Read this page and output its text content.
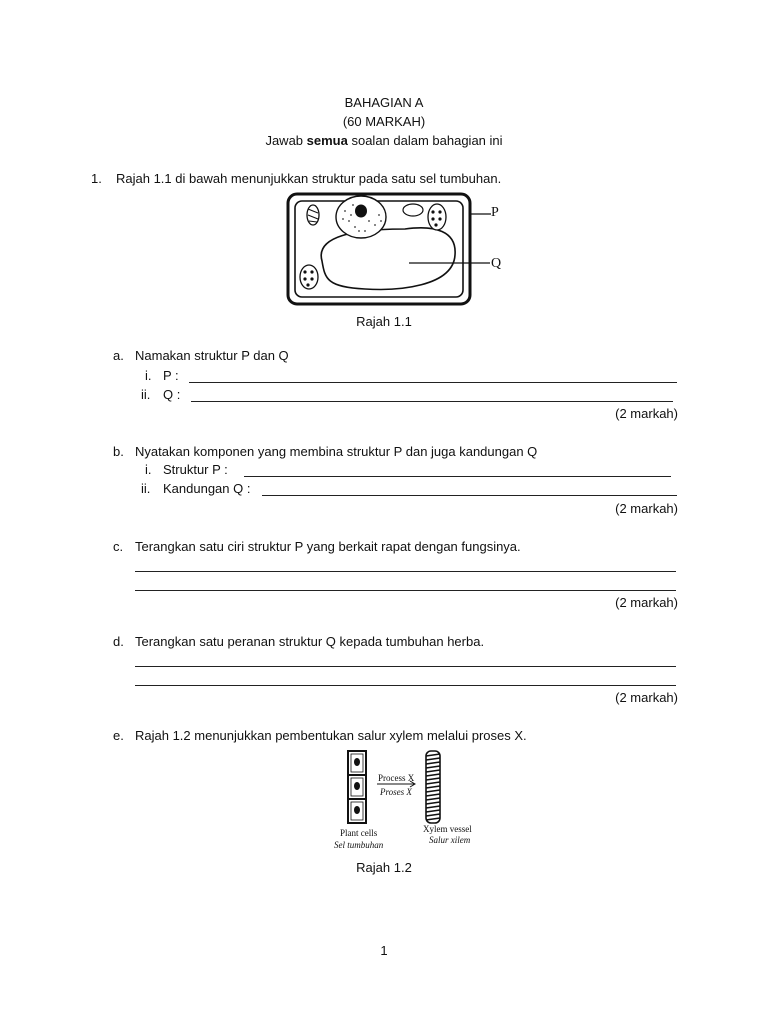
BAHAGIAN A
(60 MARKAH)
Jawab semua soalan dalam bahagian ini
1. Rajah 1.1 di bawah menunjukkan struktur pada satu sel tumbuhan.
P
Q
Rajah 1.1
a. Namakan struktur P dan Q
i. P :
ii. Q :
(2 markah)
b. Nyatakan komponen yang membina struktur P dan juga kandungan Q
i. Struktur P :
ii. Kandungan Q :
(2 markah)
c. Terangkan satu ciri struktur P yang berkait rapat dengan fungsinya.
(2 markah)
d. Terangkan satu peranan struktur Q kepada tumbuhan herba.
(2 markah)
e. Rajah 1.2 menunjukkan pembentukan salur xylem melalui proses X.
Process X
Proses X
Plant cells
Sel tumbuhan
Xylem vessel
Salur xilem
Rajah 1.2
1
